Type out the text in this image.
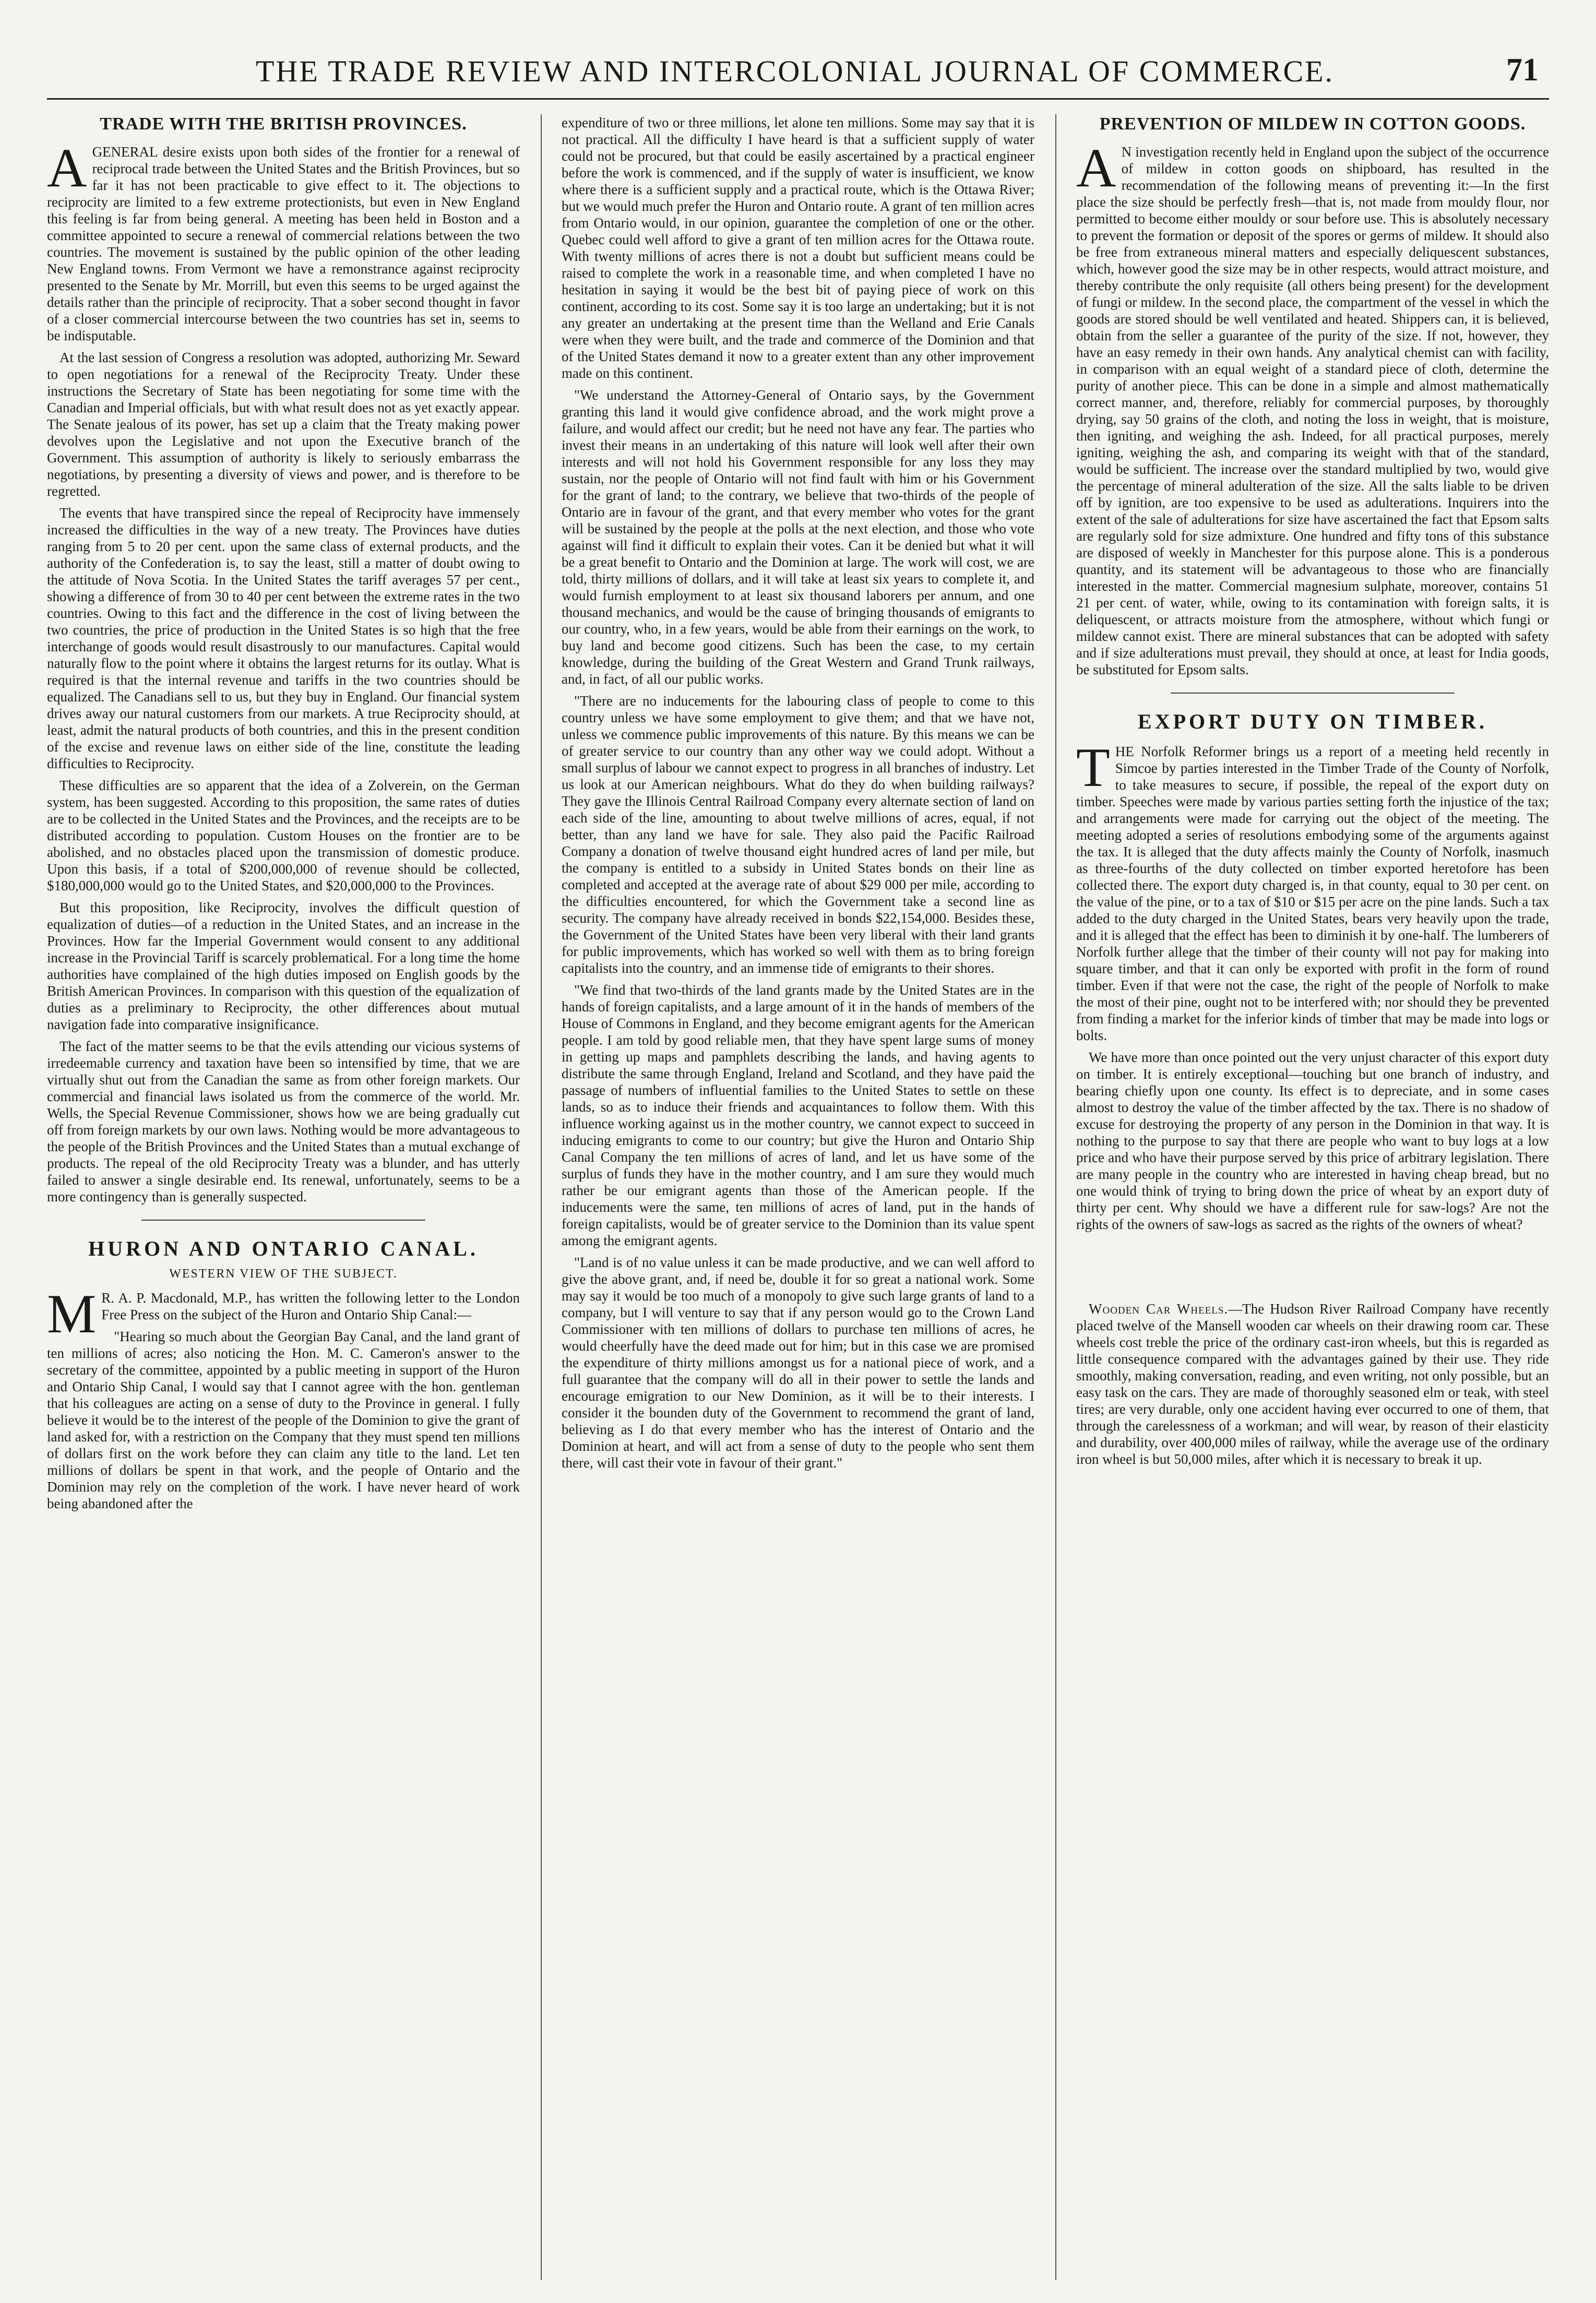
THE TRADE REVIEW AND INTERCOLONIAL JOURNAL OF COMMERCE.	71
TRADE WITH THE BRITISH PROVINCES.

AGENERAL desire exists upon both sides of the frontier for a renewal of reciprocal trade between the United States and the British Provinces, but so far it has not been practicable to give effect to it. The objections to reciprocity are limited to a few extreme protectionists, but even in New England this feeling is far from being general. A meeting has been held in Boston and a committee appointed to secure a renewal of commercial relations between the two countries. The movement is sustained by the public opinion of the other leading New England towns. From Vermont we have a remonstrance against reciprocity presented to the Senate by Mr. Morrill, but even this seems to be urged against the details rather than the principle of reciprocity. That a sober second thought in favor of a closer commercial intercourse between the two countries has set in, seems to be indisputable.

At the last session of Congress a resolution was adopted, authorizing Mr. Seward to open negotiations for a renewal of the Reciprocity Treaty. Under these instructions the Secretary of State has been negotiating for some time with the Canadian and Imperial officials, but with what result does not as yet exactly appear. The Senate jealous of its power, has set up a claim that the Treaty making power devolves upon the Legislative and not upon the Executive branch of the Government. This assumption of authority is likely to seriously embarrass the negotiations, by presenting a diversity of views and power, and is therefore to be regretted.

The events that have transpired since the repeal of Reciprocity have immensely increased the difficulties in the way of a new treaty. The Provinces have duties ranging from 5 to 20 per cent. upon the same class of external products, and the authority of the Confederation is, to say the least, still a matter of doubt owing to the attitude of Nova Scotia. In the United States the tariff averages 57 per cent., showing a difference of from 30 to 40 per cent between the extreme rates in the two countries. Owing to this fact and the difference in the cost of living between the two countries, the price of production in the United States is so high that the free interchange of goods would result disastrously to our manufactures. Capital would naturally flow to the point where it obtains the largest returns for its outlay. What is required is that the internal revenue and tariffs in the two countries should be equalized. The Canadians sell to us, but they buy in England. Our financial system drives away our natural customers from our markets. A true Reciprocity should, at least, admit the natural products of both countries, and this in the present condition of the excise and revenue laws on either side of the line, constitute the leading difficulties to Reciprocity.

These difficulties are so apparent that the idea of a Zolverein, on the German system, has been suggested. According to this proposition, the same rates of duties are to be collected in the United States and the Provinces, and the receipts are to be distributed according to population. Custom Houses on the frontier are to be abolished, and no obstacles placed upon the transmission of domestic produce. Upon this basis, if a total of $200,000,000 of revenue should be collected, $180,000,000 would go to the United States, and $20,000,000 to the Provinces.

But this proposition, like Reciprocity, involves the difficult question of equalization of duties—of a reduction in the United States, and an increase in the Provinces. How far the Imperial Government would consent to any additional increase in the Provincial Tariff is scarcely problematical. For a long time the home authorities have complained of the high duties imposed on English goods by the British American Provinces. In comparison with this question of the equalization of duties as a preliminary to Reciprocity, the other differences about mutual navigation fade into comparative insignificance.

The fact of the matter seems to be that the evils attending our vicious systems of irredeemable currency and taxation have been so intensified by time, that we are virtually shut out from the Canadian the same as from other foreign markets. Our commercial and financial laws isolated us from the commerce of the world. Mr. Wells, the Special Revenue Commissioner, shows how we are being gradually cut off from foreign markets by our own laws. Nothing would be more advantageous to the people of the British Provinces and the United States than a mutual exchange of products. The repeal of the old Reciprocity Treaty was a blunder, and has utterly failed to answer a single desirable end. Its renewal, unfortunately, seems to be a more contingency than is generally suspected.

HURON AND ONTARIO CANAL.
WESTERN VIEW OF THE SUBJECT.

M R. A. P. Macdonald, M.P., has written the following letter to the London Free Press on the subject of the Huron and Ontario Ship Canal:—

"Hearing so much about the Georgian Bay Canal, and the land grant of ten millions of acres; also noticing the Hon. M. C. Cameron's answer to the secretary of the committee, appointed by a public meeting in support of the Huron and Ontario Ship Canal, I would say that I cannot agree with the hon. gentleman that his colleagues are acting on a sense of duty to the Province in general. I fully believe it would be to the interest of the people of the Dominion to give the grant of land asked for, with a restriction on the Company that they must spend ten millions of dollars first on the work before they can claim any title to the land. Let ten millions of dollars be spent in that work, and the people of Ontario and the Dominion may rely on the completion of the work. I have never heard of work being abandoned after the

expenditure of two or three millions, let alone ten millions. Some may say that it is not practical. All the difficulty I have heard is that a sufficient supply of water could not be procured, but that could be easily ascertained by a practical engineer before the work is commenced, and if the supply of water is insufficient, we know where there is a sufficient supply and a practical route, which is the Ottawa River; but we would much prefer the Huron and Ontario route. A grant of ten million acres from Ontario would, in our opinion, guarantee the completion of one or the other. Quebec could well afford to give a grant of ten million acres for the Ottawa route. With twenty millions of acres there is not a doubt but sufficient means could be raised to complete the work in a reasonable time, and when completed I have no hesitation in saying it would be the best bit of paying piece of work on this continent, according to its cost. Some say it is too large an undertaking; but it is not any greater an undertaking at the present time than the Welland and Erie Canals were when they were built, and the trade and commerce of the Dominion and that of the United States demand it now to a greater extent than any other improvement made on this continent.

"We understand the Attorney-General of Ontario says, by the Government granting this land it would give confidence abroad, and the work might prove a failure, and would affect our credit; but he need not have any fear. The parties who invest their means in an undertaking of this nature will look well after their own interests and will not hold his Government responsible for any loss they may sustain, nor the people of Ontario will not find fault with him or his Government for the grant of land; to the contrary, we believe that two-thirds of the people of Ontario are in favour of the grant, and that every member who votes for the grant will be sustained by the people at the polls at the next election, and those who vote against will find it difficult to explain their votes. Can it be denied but what it will be a great benefit to Ontario and the Dominion at large. The work will cost, we are told, thirty millions of dollars, and it will take at least six years to complete it, and would furnish employment to at least six thousand laborers per annum, and one thousand mechanics, and would be the cause of bringing thousands of emigrants to our country, who, in a few years, would be able from their earnings on the work, to buy land and become good citizens. Such has been the case, to my certain knowledge, during the building of the Great Western and Grand Trunk railways, and, in fact, of all our public works.

"There are no inducements for the labouring class of people to come to this country unless we have some employment to give them; and that we have not, unless we commence public improvements of this nature. By this means we can be of greater service to our country than any other way we could adopt. Without a small surplus of labour we cannot expect to progress in all branches of industry. Let us look at our American neighbours. What do they do when building railways? They gave the Illinois Central Railroad Company every alternate section of land on each side of the line, amounting to about twelve millions of acres, equal, if not better, than any land we have for sale. They also paid the Pacific Railroad Company a donation of twelve thousand eight hundred acres of land per mile, but the company is entitled to a subsidy in United States bonds on their line as completed and accepted at the average rate of about $29 000 per mile, according to the difficulties encountered, for which the Government take a second line as security. The company have already received in bonds $22,154,000. Besides these, the Government of the United States have been very liberal with their land grants for public improvements, which has worked so well with them as to bring foreign capitalists into the country, and an immense tide of emigrants to their shores.

"We find that two-thirds of the land grants made by the United States are in the hands of foreign capitalists, and a large amount of it in the hands of members of the House of Commons in England, and they become emigrant agents for the American people. I am told by good reliable men, that they have spent large sums of money in getting up maps and pamphlets describing the lands, and having agents to distribute the same through England, Ireland and Scotland, and they have paid the passage of numbers of influential families to the United States to settle on these lands, so as to induce their friends and acquaintances to follow them. With this influence working against us in the mother country, we cannot expect to succeed in inducing emigrants to come to our country; but give the Huron and Ontario Ship Canal Company the ten millions of acres of land, and let us have some of the surplus of funds they have in the mother country, and I am sure they would much rather be our emigrant agents than those of the American people. If the inducements were the same, ten millions of acres of land, put in the hands of foreign capitalists, would be of greater service to the Dominion than its value spent among the emigrant agents.

"Land is of no value unless it can be made productive, and we can well afford to give the above grant, and, if need be, double it for so great a national work. Some may say it would be too much of a monopoly to give such large grants of land to a company, but I will venture to say that if any person would go to the Crown Land Commissioner with ten millions of dollars to purchase ten millions of acres, he would cheerfully have the deed made out for him; but in this case we are promised the expenditure of thirty millions amongst us for a national piece of work, and a full guarantee that the company will do all in their power to settle the lands and encourage emigration to our New Dominion, as it will be to their interests. I consider it the bounden duty of the Government to recommend the grant of land, believing as I do that every member who has the interest of Ontario and the Dominion at heart, and will act from a sense of duty to the people who sent them there, will cast their vote in favour of their grant."

PREVENTION OF MILDEW IN COTTON GOODS.

A N investigation recently held in England upon the subject of the occurrence of mildew in cotton goods on shipboard, has resulted in the recommendation of the following means of preventing it:—In the first place the size should be perfectly fresh—that is, not made from mouldy flour, nor permitted to become either mouldy or sour before use. This is absolutely necessary to prevent the formation or deposit of the spores or germs of mildew. It should also be free from extraneous mineral matters and especially deliquescent substances, which, however good the size may be in other respects, would attract moisture, and thereby contribute the only requisite (all others being present) for the development of fungi or mildew. In the second place, the compartment of the vessel in which the goods are stored should be well ventilated and heated. Shippers can, it is believed, obtain from the seller a guarantee of the purity of the size. If not, however, they have an easy remedy in their own hands. Any analytical chemist can with facility, in comparison with an equal weight of a standard piece of cloth, determine the purity of another piece. This can be done in a simple and almost mathematically correct manner, and, therefore, reliably for commercial purposes, by thoroughly drying, say 50 grains of the cloth, and noting the loss in weight, that is moisture, then igniting, and weighing the ash. Indeed, for all practical purposes, merely igniting, weighing the ash, and comparing its weight with that of the standard, would be sufficient. The increase over the standard multiplied by two, would give the percentage of mineral adulteration of the size. All the salts liable to be driven off by ignition, are too expensive to be used as adulterations. Inquirers into the extent of the sale of adulterations for size have ascertained the fact that Epsom salts are regularly sold for size admixture. One hundred and fifty tons of this substance are disposed of weekly in Manchester for this purpose alone. This is a ponderous quantity, and its statement will be advantageous to those who are financially interested in the matter. Commercial magnesium sulphate, moreover, contains 51 21 per cent. of water, while, owing to its contamination with foreign salts, it is deliquescent, or attracts moisture from the atmosphere, without which fungi or mildew cannot exist. There are mineral substances that can be adopted with safety and if size adulterations must prevail, they should at once, at least for India goods, be substituted for Epsom salts.

EXPORT DUTY ON TIMBER.

THE Norfolk Reformer brings us a report of a meeting held recently in Simcoe by parties interested in the Timber Trade of the County of Norfolk, to take measures to secure, if possible, the repeal of the export duty on timber. Speeches were made by various parties setting forth the injustice of the tax; and arrangements were made for carrying out the object of the meeting. The meeting adopted a series of resolutions embodying some of the arguments against the tax. It is alleged that the duty affects mainly the County of Norfolk, inasmuch as three-fourths of the duty collected on timber exported heretofore has been collected there. The export duty charged is, in that county, equal to 30 per cent. on the value of the pine, or to a tax of $10 or $15 per acre on the pine lands. Such a tax added to the duty charged in the United States, bears very heavily upon the trade, and it is alleged that the effect has been to diminish it by one-half. The lumberers of Norfolk further allege that the timber of their county will not pay for making into square timber, and that it can only be exported with profit in the form of round timber. Even if that were not the case, the right of the people of Norfolk to make the most of their pine, ought not to be interfered with; nor should they be prevented from finding a market for the inferior kinds of timber that may be made into logs or bolts.

We have more than once pointed out the very unjust character of this export duty on timber. It is entirely exceptional—touching but one branch of industry, and bearing chiefly upon one county. Its effect is to depreciate, and in some cases almost to destroy the value of the timber affected by the tax. There is no shadow of excuse for destroying the property of any person in the Dominion in that way. It is nothing to the purpose to say that there are people who want to buy logs at a low price and who have their purpose served by this price of arbitrary legislation. There are many people in the country who are interested in having cheap bread, but no one would think of trying to bring down the price of wheat by an export duty of thirty per cent. Why should we have a different rule for saw-logs? Are not the rights of the owners of saw-logs as sacred as the rights of the owners of wheat?

Wooden Car Wheels.—The Hudson River Railroad Company have recently placed twelve of the Mansell wooden car wheels on their drawing room car. These wheels cost treble the price of the ordinary cast-iron wheels, but this is regarded as little consequence compared with the advantages gained by their use. They ride smoothly, making conversation, reading, and even writing, not only possible, but an easy task on the cars. They are made of thoroughly seasoned elm or teak, with steel tires; are very durable, only one accident having ever occurred to one of them, that through the carelessness of a workman; and will wear, by reason of their elasticity and durability, over 400,000 miles of railway, while the average use of the ordinary iron wheel is but 50,000 miles, after which it is necessary to break it up.
